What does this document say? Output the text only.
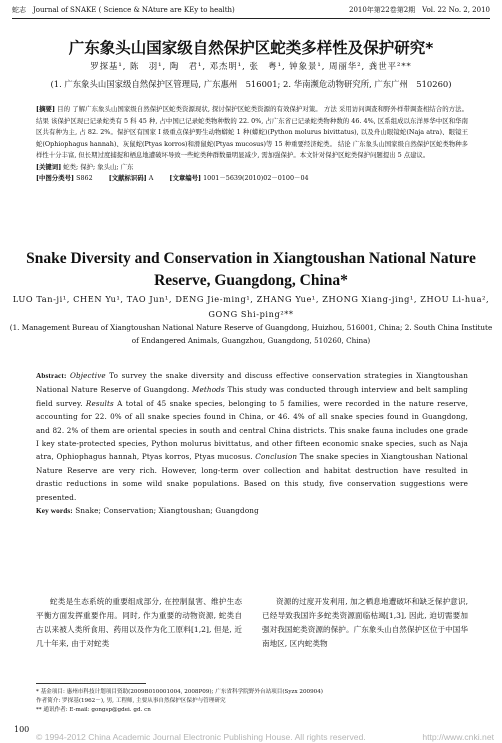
蛇志　Journal of SNAKE ( Science & NAture are KEy to health)	2010年第22卷第2期　Vol. 22 No. 2, 2010
广东象头山国家级自然保护区蛇类多样性及保护研究*
罗探基¹, 陈　羽¹, 陶　君¹, 邓杰明¹, 张　粤¹, 钟象景¹, 周丽华², 龚世平²**
(1. 广东象头山国家级自然保护区管理局, 广东惠州　516001; 2. 华南濒危动物研究所, 广东广州　510260)
[摘要] 目的 了解广东象头山国家级自然保护区蛇类资源现状, 探讨保护区蛇类资源的有效保护对策。 方法 采用访问调查和野外样带调查相结合的方法。 结果 该保护区现已记录蛇类有 5 科 45 种, 占中国已记录蛇类物种数的 22. 0%, 占广东省已记录蛇类物种数的 46. 4%, 区系组成以东洋界华中区和华南区共有种为主, 占 82. 2%。保护区有国家 I 级重点保护野生动物蟒蛇 1 种(蟒蛇)(Python molurus bivittatus), 以及舟山眼镜蛇(Naja atra)、眼镜王蛇(Ophiophagus hannah)、灰鼠蛇(Ptyas korros)和滑鼠蛇(Ptyas mucosus)等 15 种重要经济蛇类。 结论 广东象头山国家级自然保护区蛇类物种多样性十分丰富, 但长期过度捕捉和栖息地遭破坏导致一些蛇类种群数量明显减少, 需加强保护。本文针对保护区蛇类保护问题提出 5 点建议。
[关键词] 蛇类; 保护; 象头山; 广东
[中图分类号] S862	[文献标识码] A	[文章编号] 1001－5639(2010)02－0100－04
Snake Diversity and Conservation in Xiangtoushan National Nature Reserve, Guangdong, China*
LUO Tan-ji¹, CHEN Yu¹, TAO Jun¹, DENG Jie-ming¹, ZHANG Yue¹, ZHONG Xiang-jing¹, ZHOU Li-hua², GONG Shi-ping²**
(1. Management Bureau of Xiangtoushan National Nature Reserve of Guangdong, Huizhou, 516001, China; 2. South China Institute of Endangered Animals, Guangzhou, Guangdong, 510260, China)
Abstract: Objective To survey the snake diversity and discuss effective conservation strategies in Xiangtoushan National Nature Reserve of Guangdong. Methods This study was conducted through interview and belt sampling field survey. Results A total of 45 snake species, belonging to 5 families, were recorded in the nature reserve, accounting for 22. 0% of all snake species found in China, or 46. 4% of all snake species found in Guangdong, and 82. 2% of them are oriental species in south and central China districts. This snake fauna includes one grade I key state-protected species, Python molurus bivittatus, and other fifteen economic snake species, such as Naja atra, Ophiophagus hannah, Ptyas korros, Ptyas mucosus. Conclusion The snake species in Xiangtoushan National Nature Reserve are very rich. However, long-term over collection and habitat destruction have resulted in drastic reductions in some wild snake populations. Based on this study, five conservation suggestions were presented.
Key words: Snake; Conservation; Xiangtoushan; Guangdong
蛇类是生态系统的重要组成部分, 在控制鼠害、维护生态平衡方面发挥重要作用。同时, 作为重要的动物资源, 蛇类自古以来被人类所食用、药用以及作为化工原料[1,2], 但是, 近几十年来, 由于对蛇类
资源的过度开发利用, 加之栖息地遭破坏和缺乏保护意识, 已经导致我国许多蛇类资源面临枯竭[1,3], 因此, 迫切需要加强对我国蛇类资源的保护。广东象头山自然保护区位于中国华南地区, 区内蛇类物
* 基金项目: 惠州市科技计划项目资助(2009B010001004, 2008P09); 广东省科学院野外台站项目(Syzx 200904)
作者简介: 罗探基(1962－), 男, 工程师, 主要从事自然保护区保护与管理研究
** 通讯作者: E-mail: gongsp@gdei. gd. cn
100
© 1994-2012 China Academic Journal Electronic Publishing House. All rights reserved.	http://www.cnki.net
